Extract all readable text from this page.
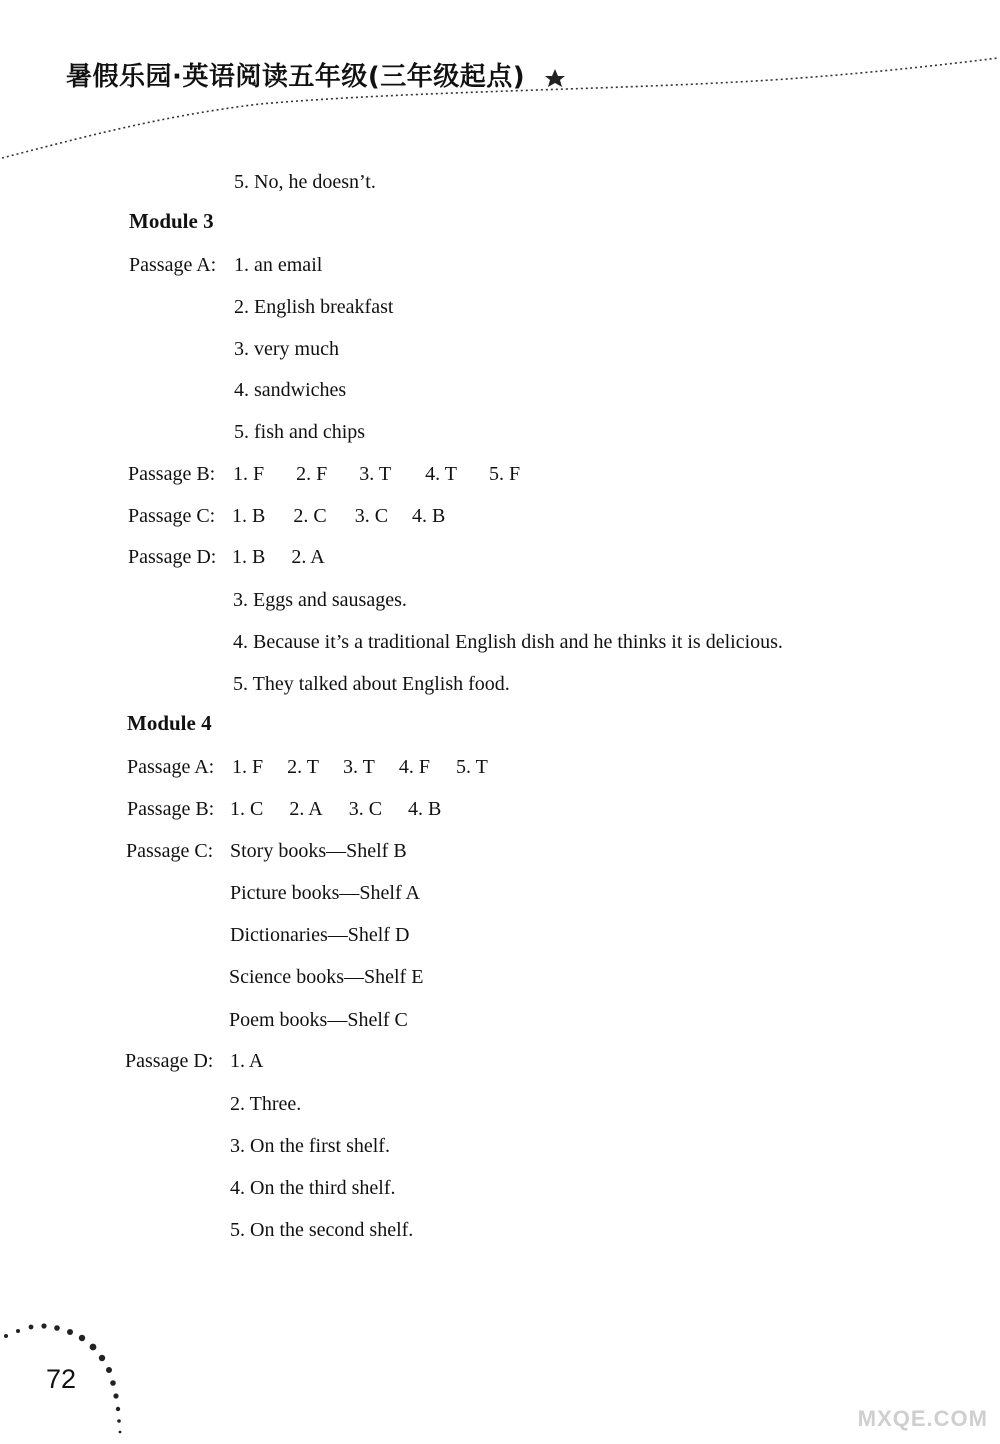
暑假乐园·英语阅读五年级(三年级起点)
5. No, he doesn’t.
Module 3
Passage A: 1. an email
2. English breakfast
3. very much
4. sandwiches
5. fish and chips
Passage B: 1. F 2. F 3. T 4. T 5. F
Passage C: 1. B 2. C 3. C 4. B
Passage D: 1. B 2. A
3. Eggs and sausages.
4. Because it’s a traditional English dish and he thinks it is delicious.
5. They talked about English food.
Module 4
Passage A: 1. F 2. T 3. T 4. F 5. T
Passage B: 1. C 2. A 3. C 4. B
Passage C: Story books—Shelf B
Picture books—Shelf A
Dictionaries—Shelf D
Science books—Shelf E
Poem books—Shelf C
Passage D: 1. A
2. Three.
3. On the first shelf.
4. On the third shelf.
5. On the second shelf.
72
MXQE.COM
